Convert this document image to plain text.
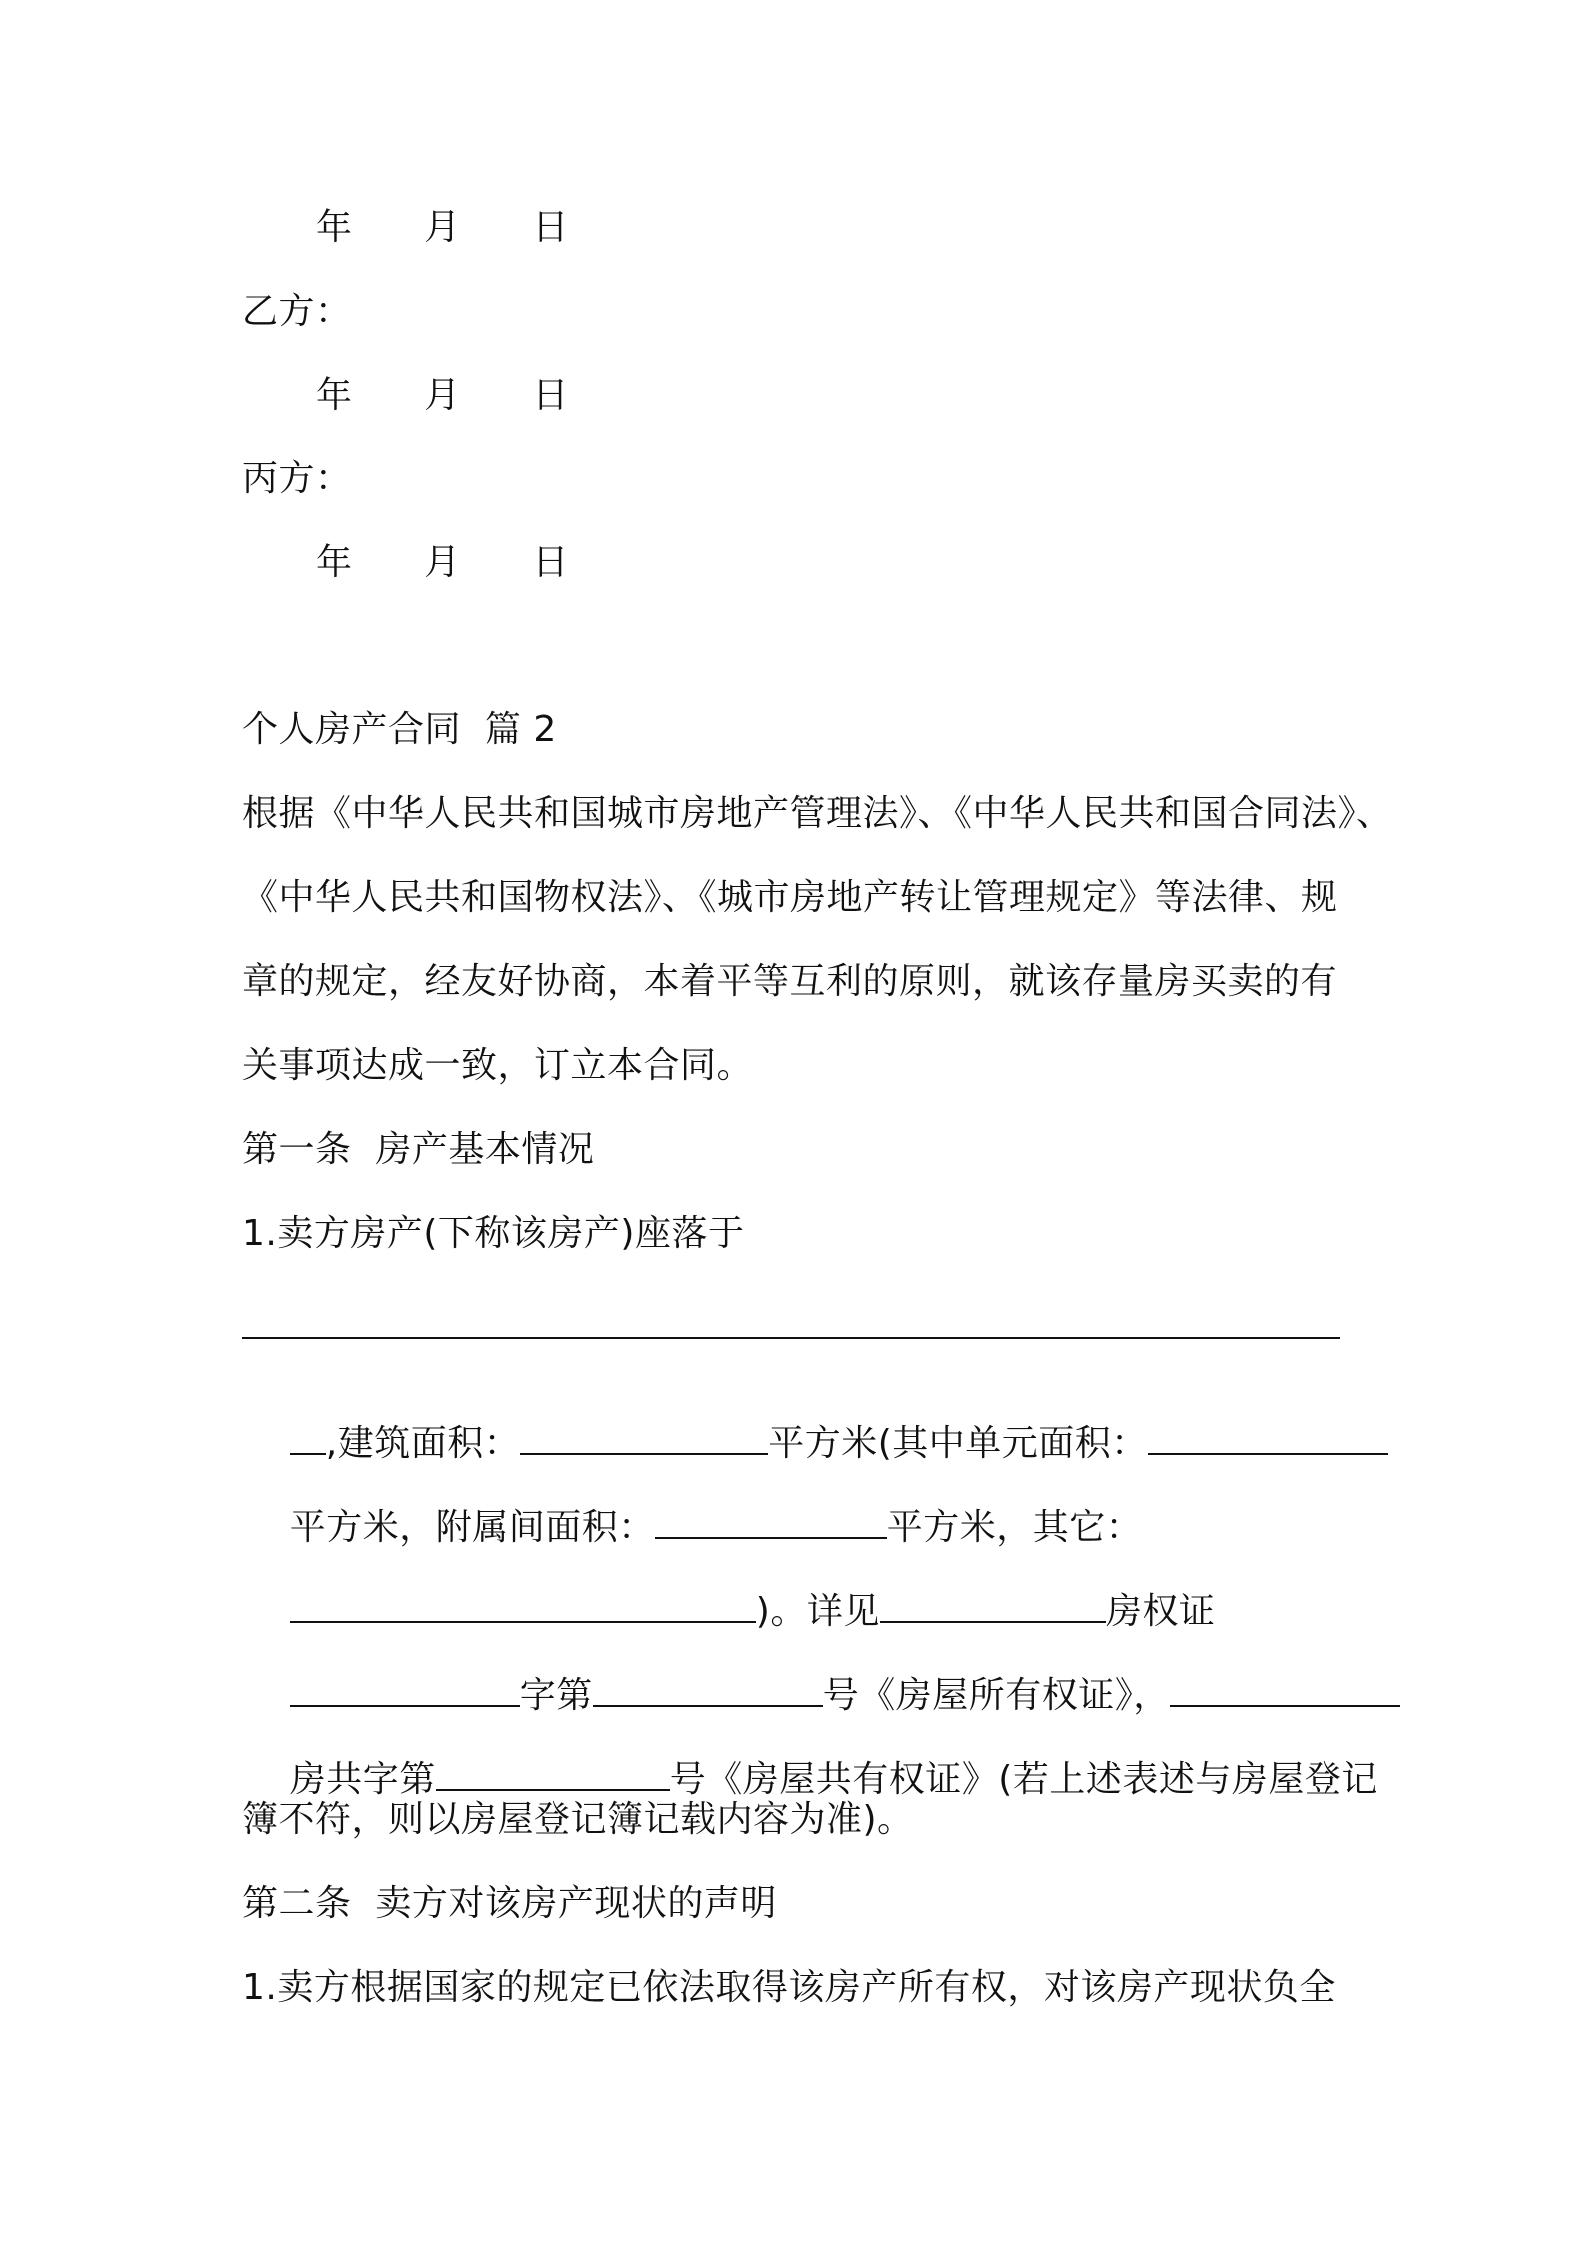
年      月      日
乙方：
年      月      日
丙方：
年      月      日
个人房产合同  篇 2
根据《中华人民共和国城市房地产管理法》、《中华人民共和国合同法》、
《中华人民共和国物权法》、《城市房地产转让管理规定》等法律、规
章的规定，经友好协商，本着平等互利的原则，就该存量房买卖的有
关事项达成一致，订立本合同。
第一条  房产基本情况
1.卖方房产(下称该房产)座落于

,建筑面积：	平方米(其中单元面积：

平方米，附属间面积：	平方米，其它：

)。详见	房权证

字第	号《房屋所有权证》，

房共字第	号《房屋共有权证》(若上述表述与房屋登记

簿不符，则以房屋登记簿记载内容为准)。
第二条  卖方对该房产现状的声明
1.卖方根据国家的规定已依法取得该房产所有权，对该房产现状负全
